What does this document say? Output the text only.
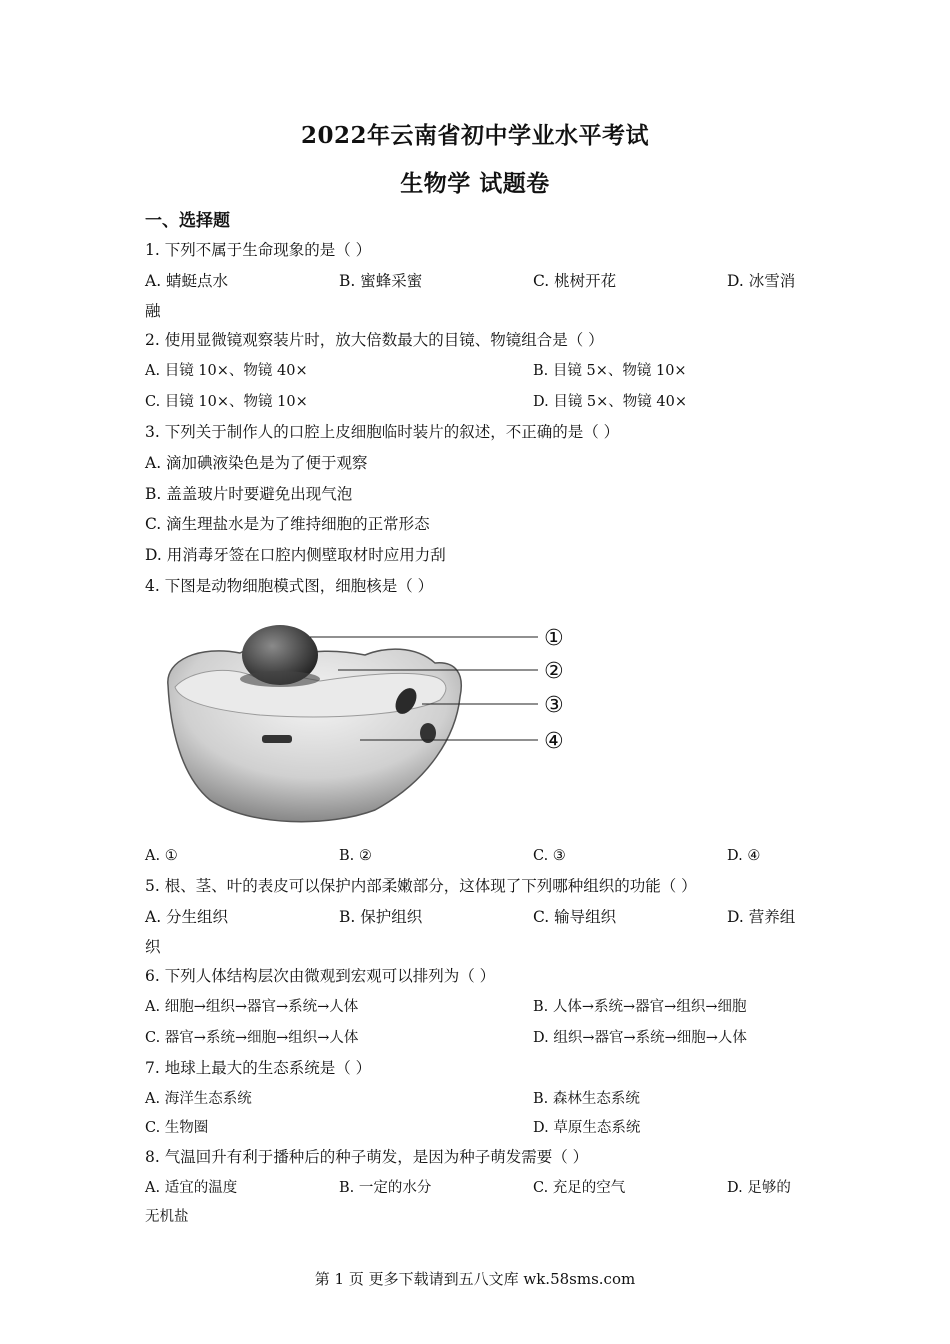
2022年云南省初中学业水平考试
生物学 试题卷
一、选择题
1. 下列不属于生命现象的是（ ）
A. 蜻蜓点水	B. 蜜蜂采蜜	C. 桃树开花	D. 冰雪消
融
2. 使用显微镜观察装片时，放大倍数最大的目镜、物镜组合是（ ）
A. 目镜 10×、物镜 40×	B. 目镜 5×、物镜 10×
C. 目镜 10×、物镜 10×	D. 目镜 5×、物镜 40×
3. 下列关于制作人的口腔上皮细胞临时装片的叙述，不正确的是（ ）
A. 滴加碘液染色是为了便于观察
B. 盖盖玻片时要避免出现气泡
C. 滴生理盐水是为了维持细胞的正常形态
D. 用消毒牙签在口腔内侧壁取材时应用力刮
4. 下图是动物细胞模式图，细胞核是（ ）
①
②
③
④
A. ①	B. ②	C. ③	D. ④
5. 根、茎、叶的表皮可以保护内部柔嫩部分，这体现了下列哪种组织的功能（ ）
A. 分生组织	B. 保护组织	C. 输导组织	D. 营养组
织
6. 下列人体结构层次由微观到宏观可以排列为（ ）
A. 细胞→组织→器官→系统→人体	B. 人体→系统→器官→组织→细胞
C. 器官→系统→细胞→组织→人体	D. 组织→器官→系统→细胞→人体
7. 地球上最大的生态系统是（ ）
A. 海洋生态系统	B. 森林生态系统
C. 生物圈	D. 草原生态系统
8. 气温回升有利于播种后的种子萌发，是因为种子萌发需要（ ）
A. 适宜的温度	B. 一定的水分	C. 充足的空气	D. 足够的
无机盐
第 1 页 更多下载请到五八文库 wk.58sms.com
